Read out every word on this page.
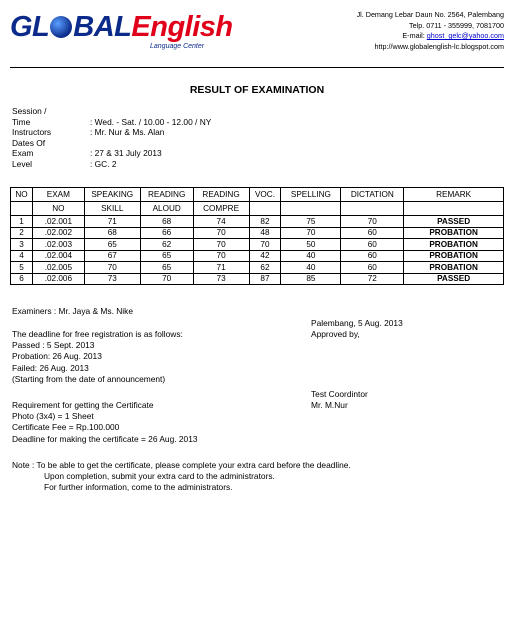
GL BALEnglish
Language Center
Jl. Demang Lebar Daun No. 2564, Palembang
Telp. 0711 - 355999, 7081700
E-mail: ghost_gelc@yahoo.com
http://www.globalenglish-lc.blogspot.com
RESULT OF EXAMINATION
Session /
Time	: Wed. - Sat. / 10.00 - 12.00 / NY
Instructors	: Mr. Nur & Ms. Alan
Dates Of
Exam	: 27 & 31 July 2013
Level	: GC. 2
NO	EXAM	SPEAKING	READING	READING	VOC.	SPELLING	DICTATION	REMARK
	NO	SKILL	ALOUD	COMPRE				
1	.02.001	71	68	74	82	75	70	PASSED
2	.02.002	68	66	70	48	70	60	PROBATION
3	.02.003	65	62	70	70	50	60	PROBATION
4	.02.004	67	65	70	42	40	60	PROBATION
5	.02.005	70	65	71	62	40	60	PROBATION
6	.02.006	73	70	73	87	85	72	PASSED
Examiners : Mr. Jaya & Ms. Nike
Palembang, 5 Aug. 2013
Approved by,
The deadline for free registration is as follows:
Passed : 5 Sept. 2013
Probation: 26 Aug. 2013
Failed: 26 Aug. 2013
(Starting from the date of announcement)
Test Coordintor
Mr. M.Nur
Requirement for getting the Certificate
Photo (3x4) = 1 Sheet
Certificate Fee = Rp.100.000
Deadline for making the certificate = 26 Aug. 2013
Note : To be able to get the certificate, please complete your extra card before the deadline.
Upon completion, submit your extra card to the administrators.
For further information, come to the administrators.
